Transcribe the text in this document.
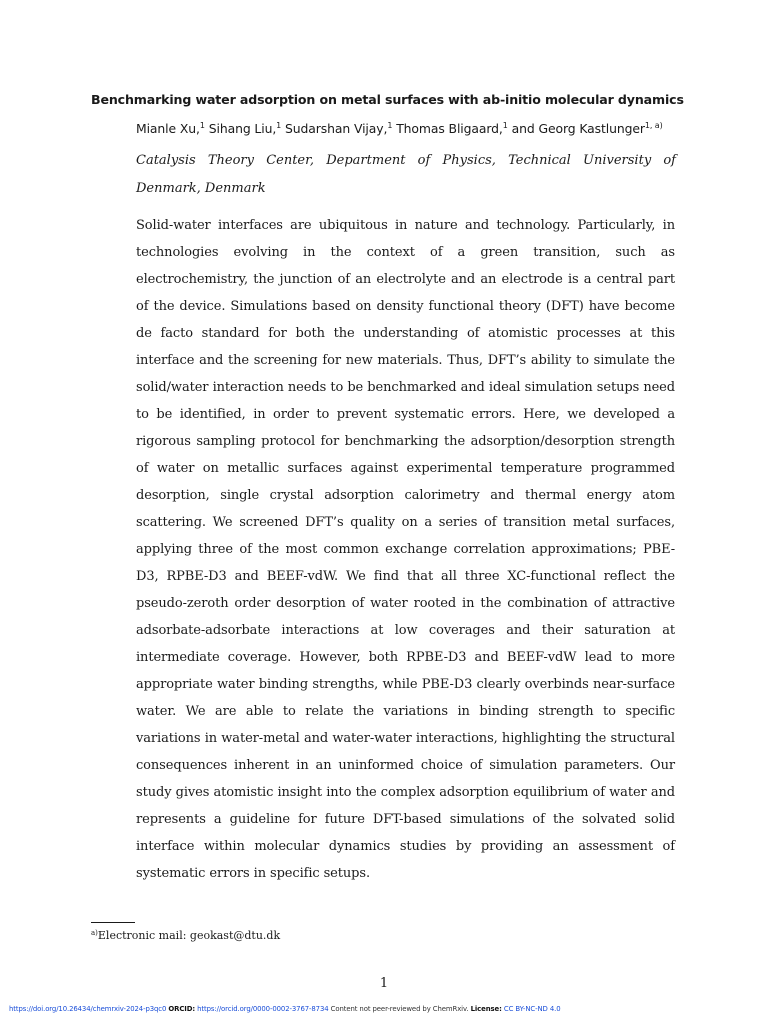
Benchmarking water adsorption on metal surfaces with ab-initio molecular dynamics
Mianle Xu,$^1$ Sihang Liu,$^1$ Sudarshan Vijay,$^1$ Thomas Bligaard,$^1$ and Georg Kastlunger$^{1, a)}$
Catalysis Theory Center, Department of Physics, Technical University of Denmark, Denmark
Solid-water interfaces are ubiquitous in nature and technology. Particularly, in technologies evolving in the context of a green transition, such as electrochemistry, the junction of an electrolyte and an electrode is a central part of the device. Simulations based on density functional theory (DFT) have become de facto standard for both the understanding of atomistic processes at this interface and the screening for new materials. Thus, DFT’s ability to simulate the solid/water interaction needs to be benchmarked and ideal simulation setups need to be identified, in order to prevent systematic errors. Here, we developed a rigorous sampling protocol for benchmarking the adsorption/desorption strength of water on metallic surfaces against experimental temperature programmed desorption, single crystal adsorption calorimetry and thermal energy atom scattering. We screened DFT’s quality on a series of transition metal surfaces, applying three of the most common exchange correlation approximations; PBE-D3, RPBE-D3 and BEEF-vdW. We find that all three XC-functional reflect the pseudo-zeroth order desorption of water rooted in the combination of attractive adsorbate-adsorbate interactions at low coverages and their saturation at intermediate coverage. However, both RPBE-D3 and BEEF-vdW lead to more appropriate water binding strengths, while PBE-D3 clearly overbinds near-surface water. We are able to relate the variations in binding strength to specific variations in water-metal and water-water interactions, highlighting the structural consequences inherent in an uninformed choice of simulation parameters. Our study gives atomistic insight into the complex adsorption equilibrium of water and represents a guideline for future DFT-based simulations of the solvated solid interface within molecular dynamics studies by providing an assessment of systematic errors in specific setups.
$^{a)}$Electronic mail: geokast@dtu.dk
1
https://doi.org/10.26434/chemrxiv-2024-p3qc0 ORCID: https://orcid.org/0000-0002-3767-8734 Content not peer-reviewed by ChemRxiv. License: CC BY-NC-ND 4.0
